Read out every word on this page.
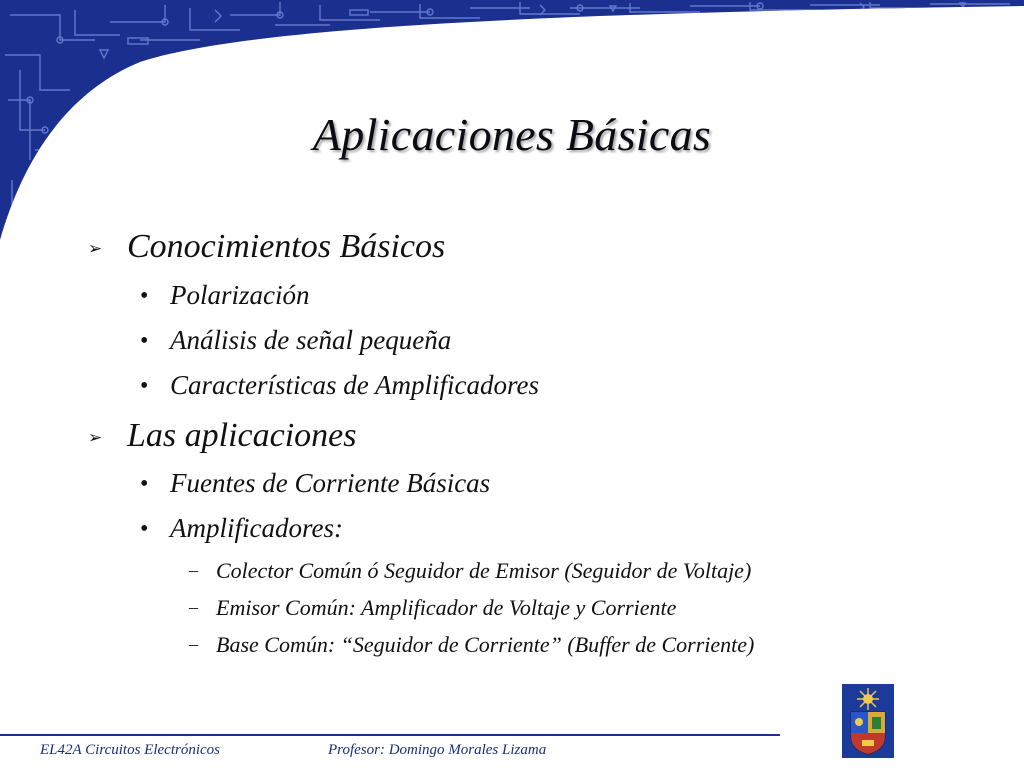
Aplicaciones Básicas
➢ Conocimientos Básicos
• Polarización
• Análisis de señal pequeña
• Características de Amplificadores
➢ Las aplicaciones
• Fuentes de Corriente Básicas
• Amplificadores:
– Colector Común ó Seguidor de Emisor (Seguidor de Voltaje)
– Emisor Común: Amplificador de Voltaje y Corriente
– Base Común: “Seguidor de Corriente” (Buffer de Corriente)
EL42A Circuitos Electrónicos	Profesor: Domingo Morales Lizama
